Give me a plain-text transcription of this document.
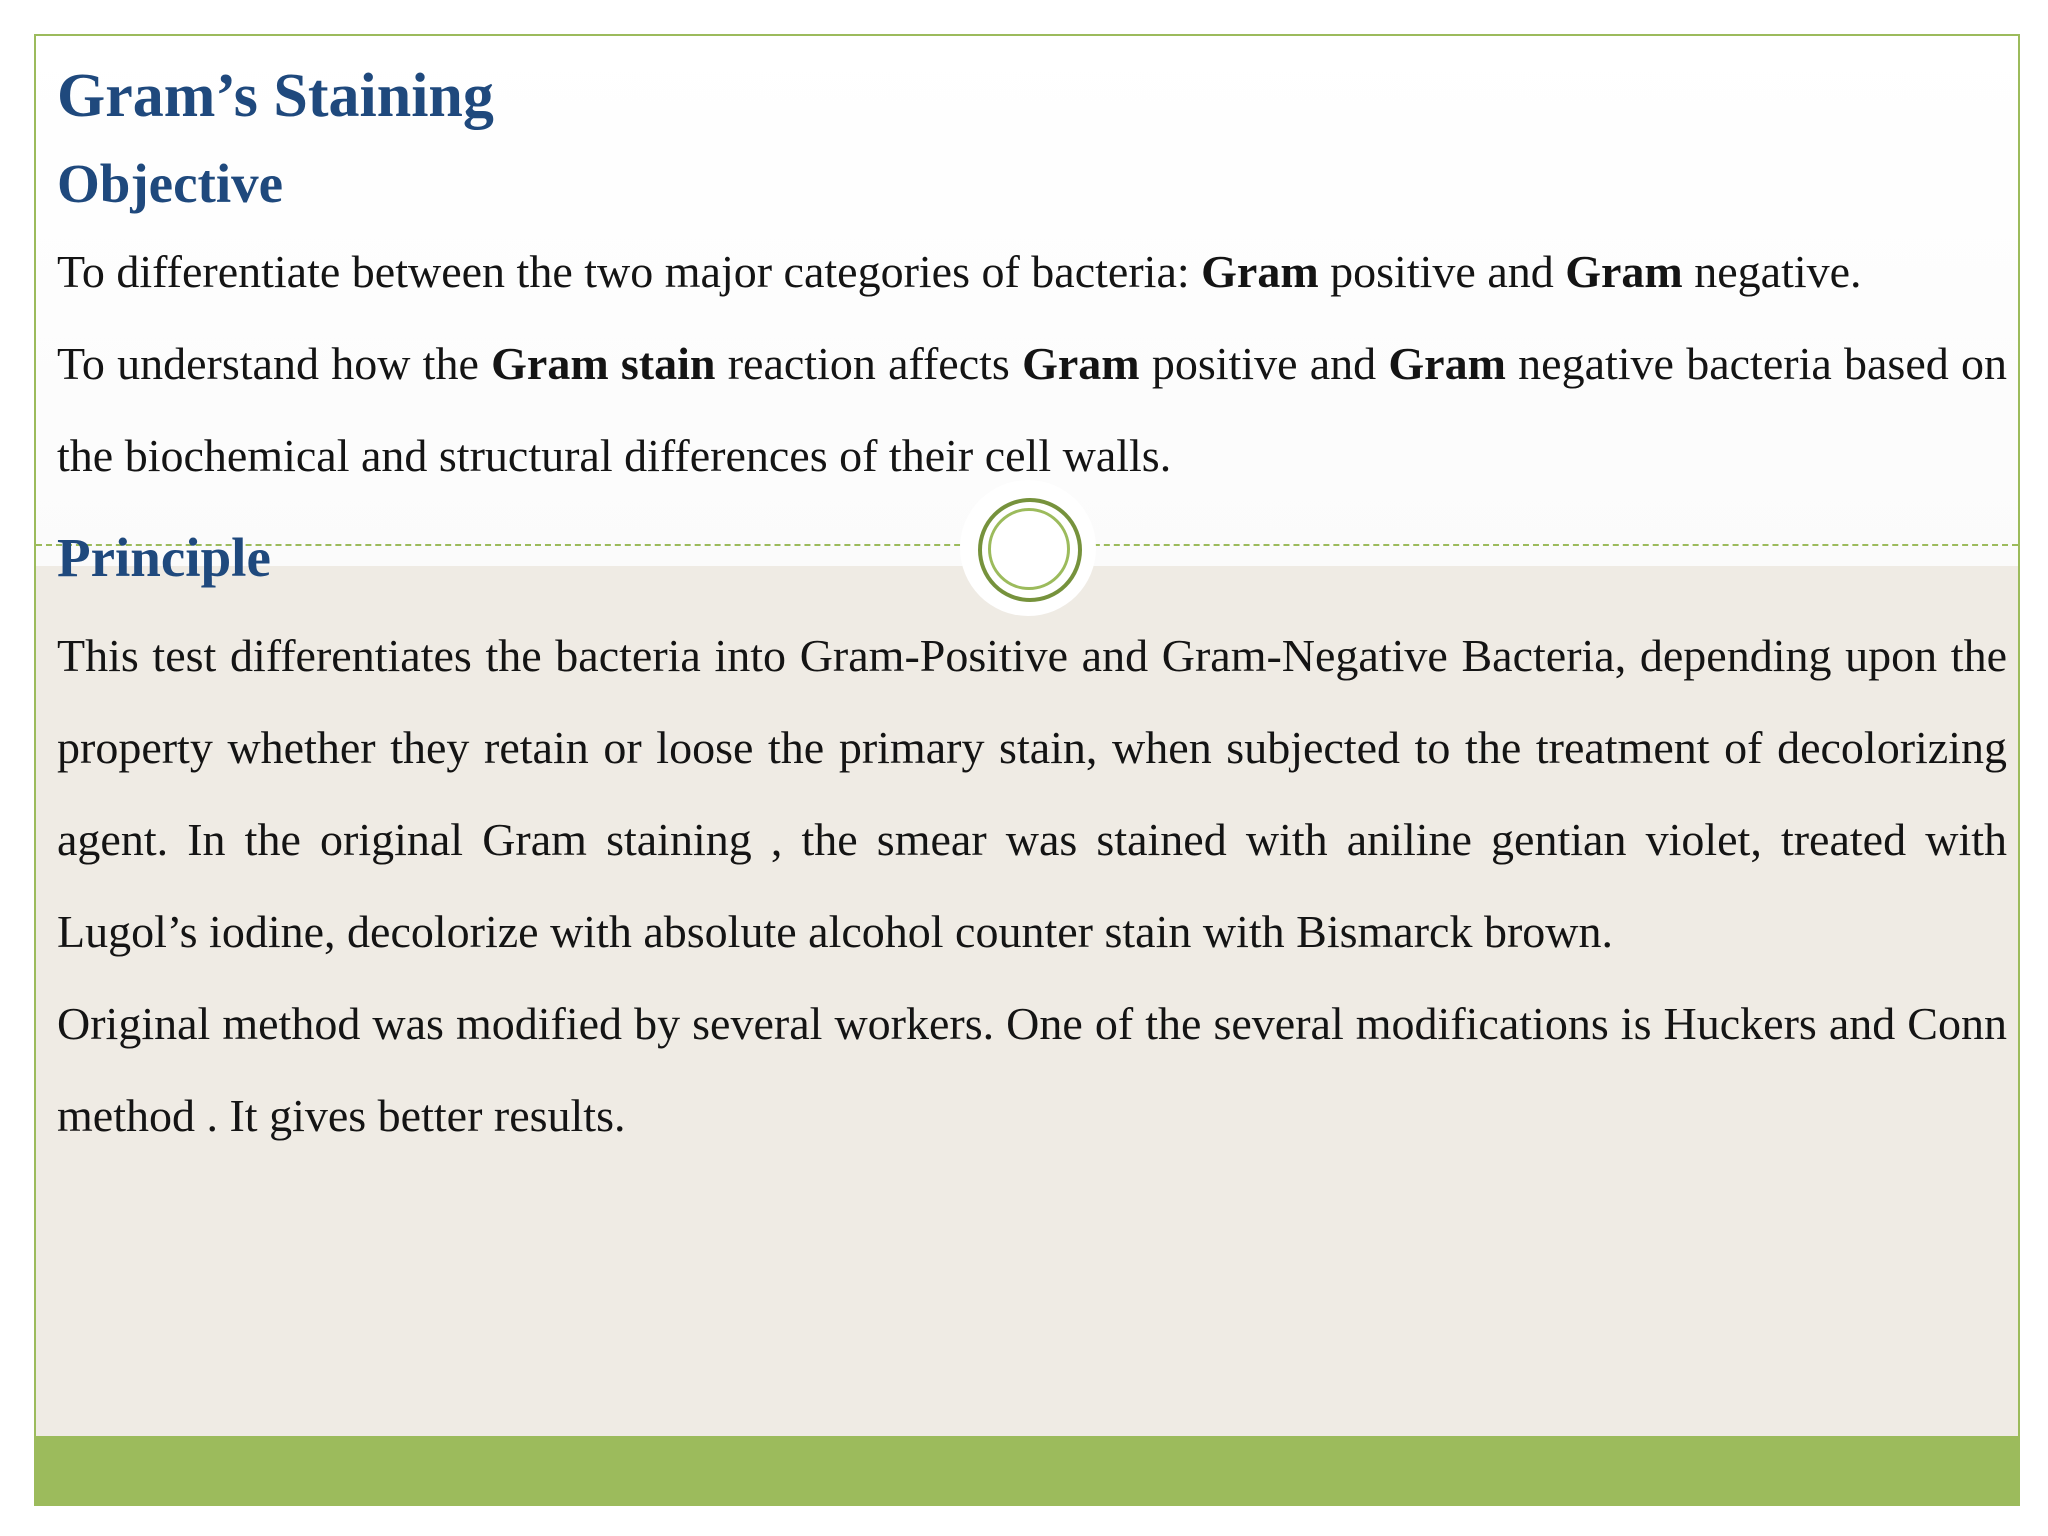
Gram’s Staining
Objective

To differentiate between the two major categories of bacteria: Gram positive and Gram negative.

To understand how the Gram stain reaction affects Gram positive and Gram negative bacteria based on the biochemical and structural differences of their cell walls.

Principle

This test differentiates the bacteria into Gram-Positive and Gram-Negative Bacteria, depending upon the property whether they retain or loose the primary stain, when subjected to the treatment of decolorizing agent. In the original Gram staining , the smear was stained with aniline gentian violet, treated with Lugol’s iodine, decolorize with absolute alcohol counter stain with Bismarck brown.

Original method was modified by several workers. One of the several modifications is Huckers and Conn method . It gives better results.
